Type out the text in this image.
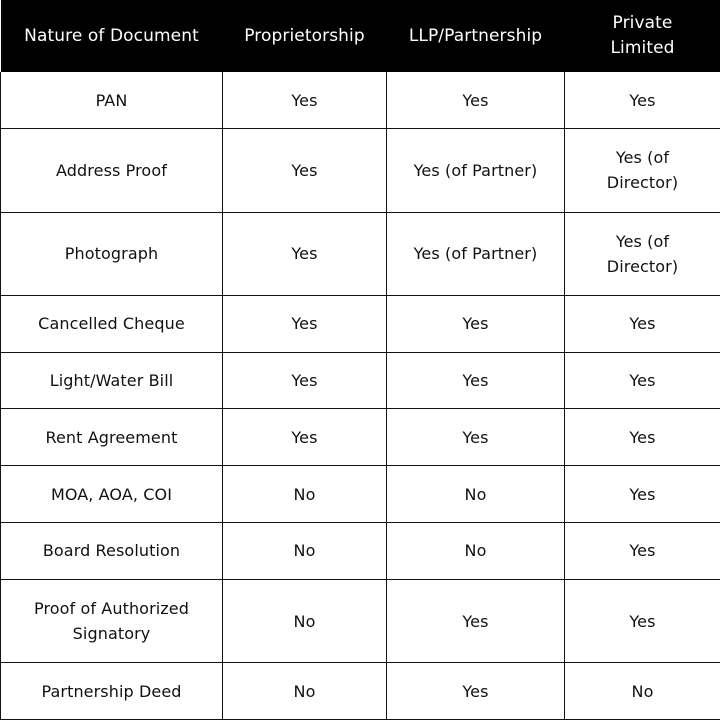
Nature of Document	Proprietorship	LLP/Partnership	Private Limited
PAN	Yes	Yes	Yes
Address Proof	Yes	Yes (of Partner)	Yes (of Director)
Photograph	Yes	Yes (of Partner)	Yes (of Director)
Cancelled Cheque	Yes	Yes	Yes
Light/Water Bill	Yes	Yes	Yes
Rent Agreement	Yes	Yes	Yes
MOA, AOA, COI	No	No	Yes
Board Resolution	No	No	Yes
Proof of Authorized Signatory	No	Yes	Yes
Partnership Deed	No	Yes	No
